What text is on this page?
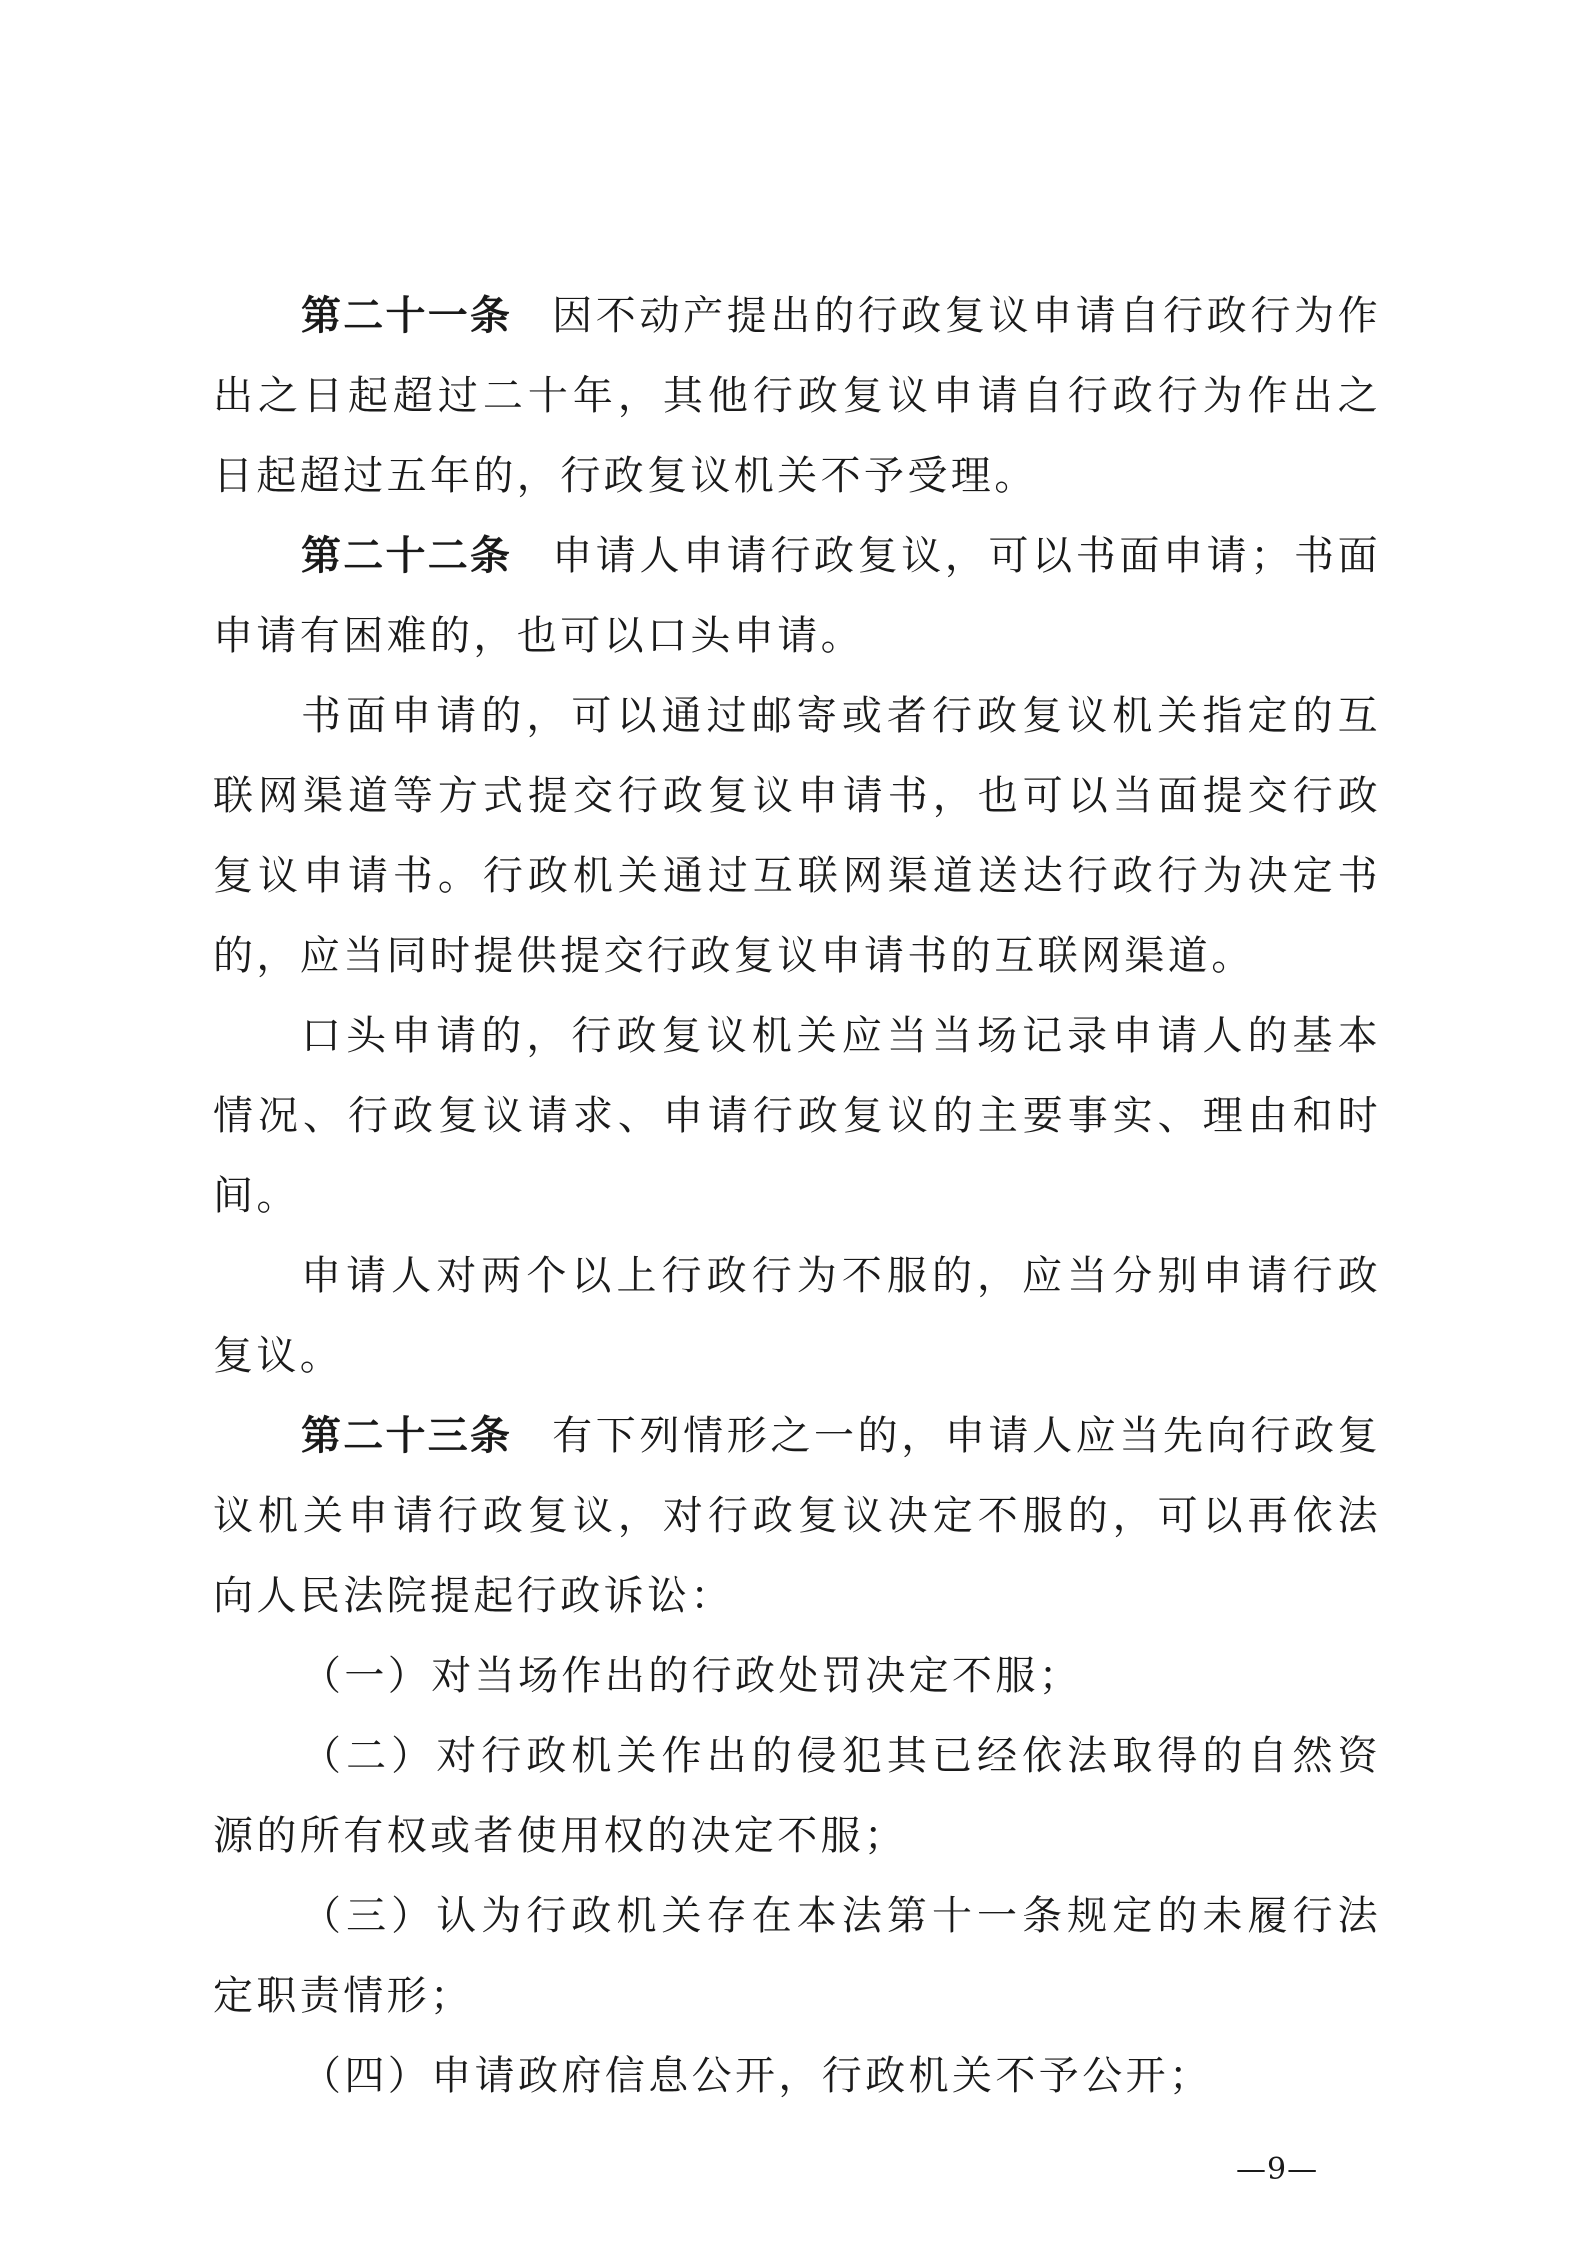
第二十一条 因不动产提出的行政复议申请自行政行为作出之日起超过二十年，其他行政复议申请自行政行为作出之日起超过五年的，行政复议机关不予受理。

第二十二条 申请人申请行政复议，可以书面申请；书面申请有困难的，也可以口头申请。

书面申请的，可以通过邮寄或者行政复议机关指定的互联网渠道等方式提交行政复议申请书，也可以当面提交行政复议申请书。行政机关通过互联网渠道送达行政行为决定书的，应当同时提供提交行政复议申请书的互联网渠道。

口头申请的，行政复议机关应当当场记录申请人的基本情况、行政复议请求、申请行政复议的主要事实、理由和时间。

申请人对两个以上行政行为不服的，应当分别申请行政复议。

第二十三条 有下列情形之一的，申请人应当先向行政复议机关申请行政复议，对行政复议决定不服的，可以再依法向人民法院提起行政诉讼：

（一）对当场作出的行政处罚决定不服；

（二）对行政机关作出的侵犯其已经依法取得的自然资源的所有权或者使用权的决定不服；

（三）认为行政机关存在本法第十一条规定的未履行法定职责情形；

（四）申请政府信息公开，行政机关不予公开；

—9—
